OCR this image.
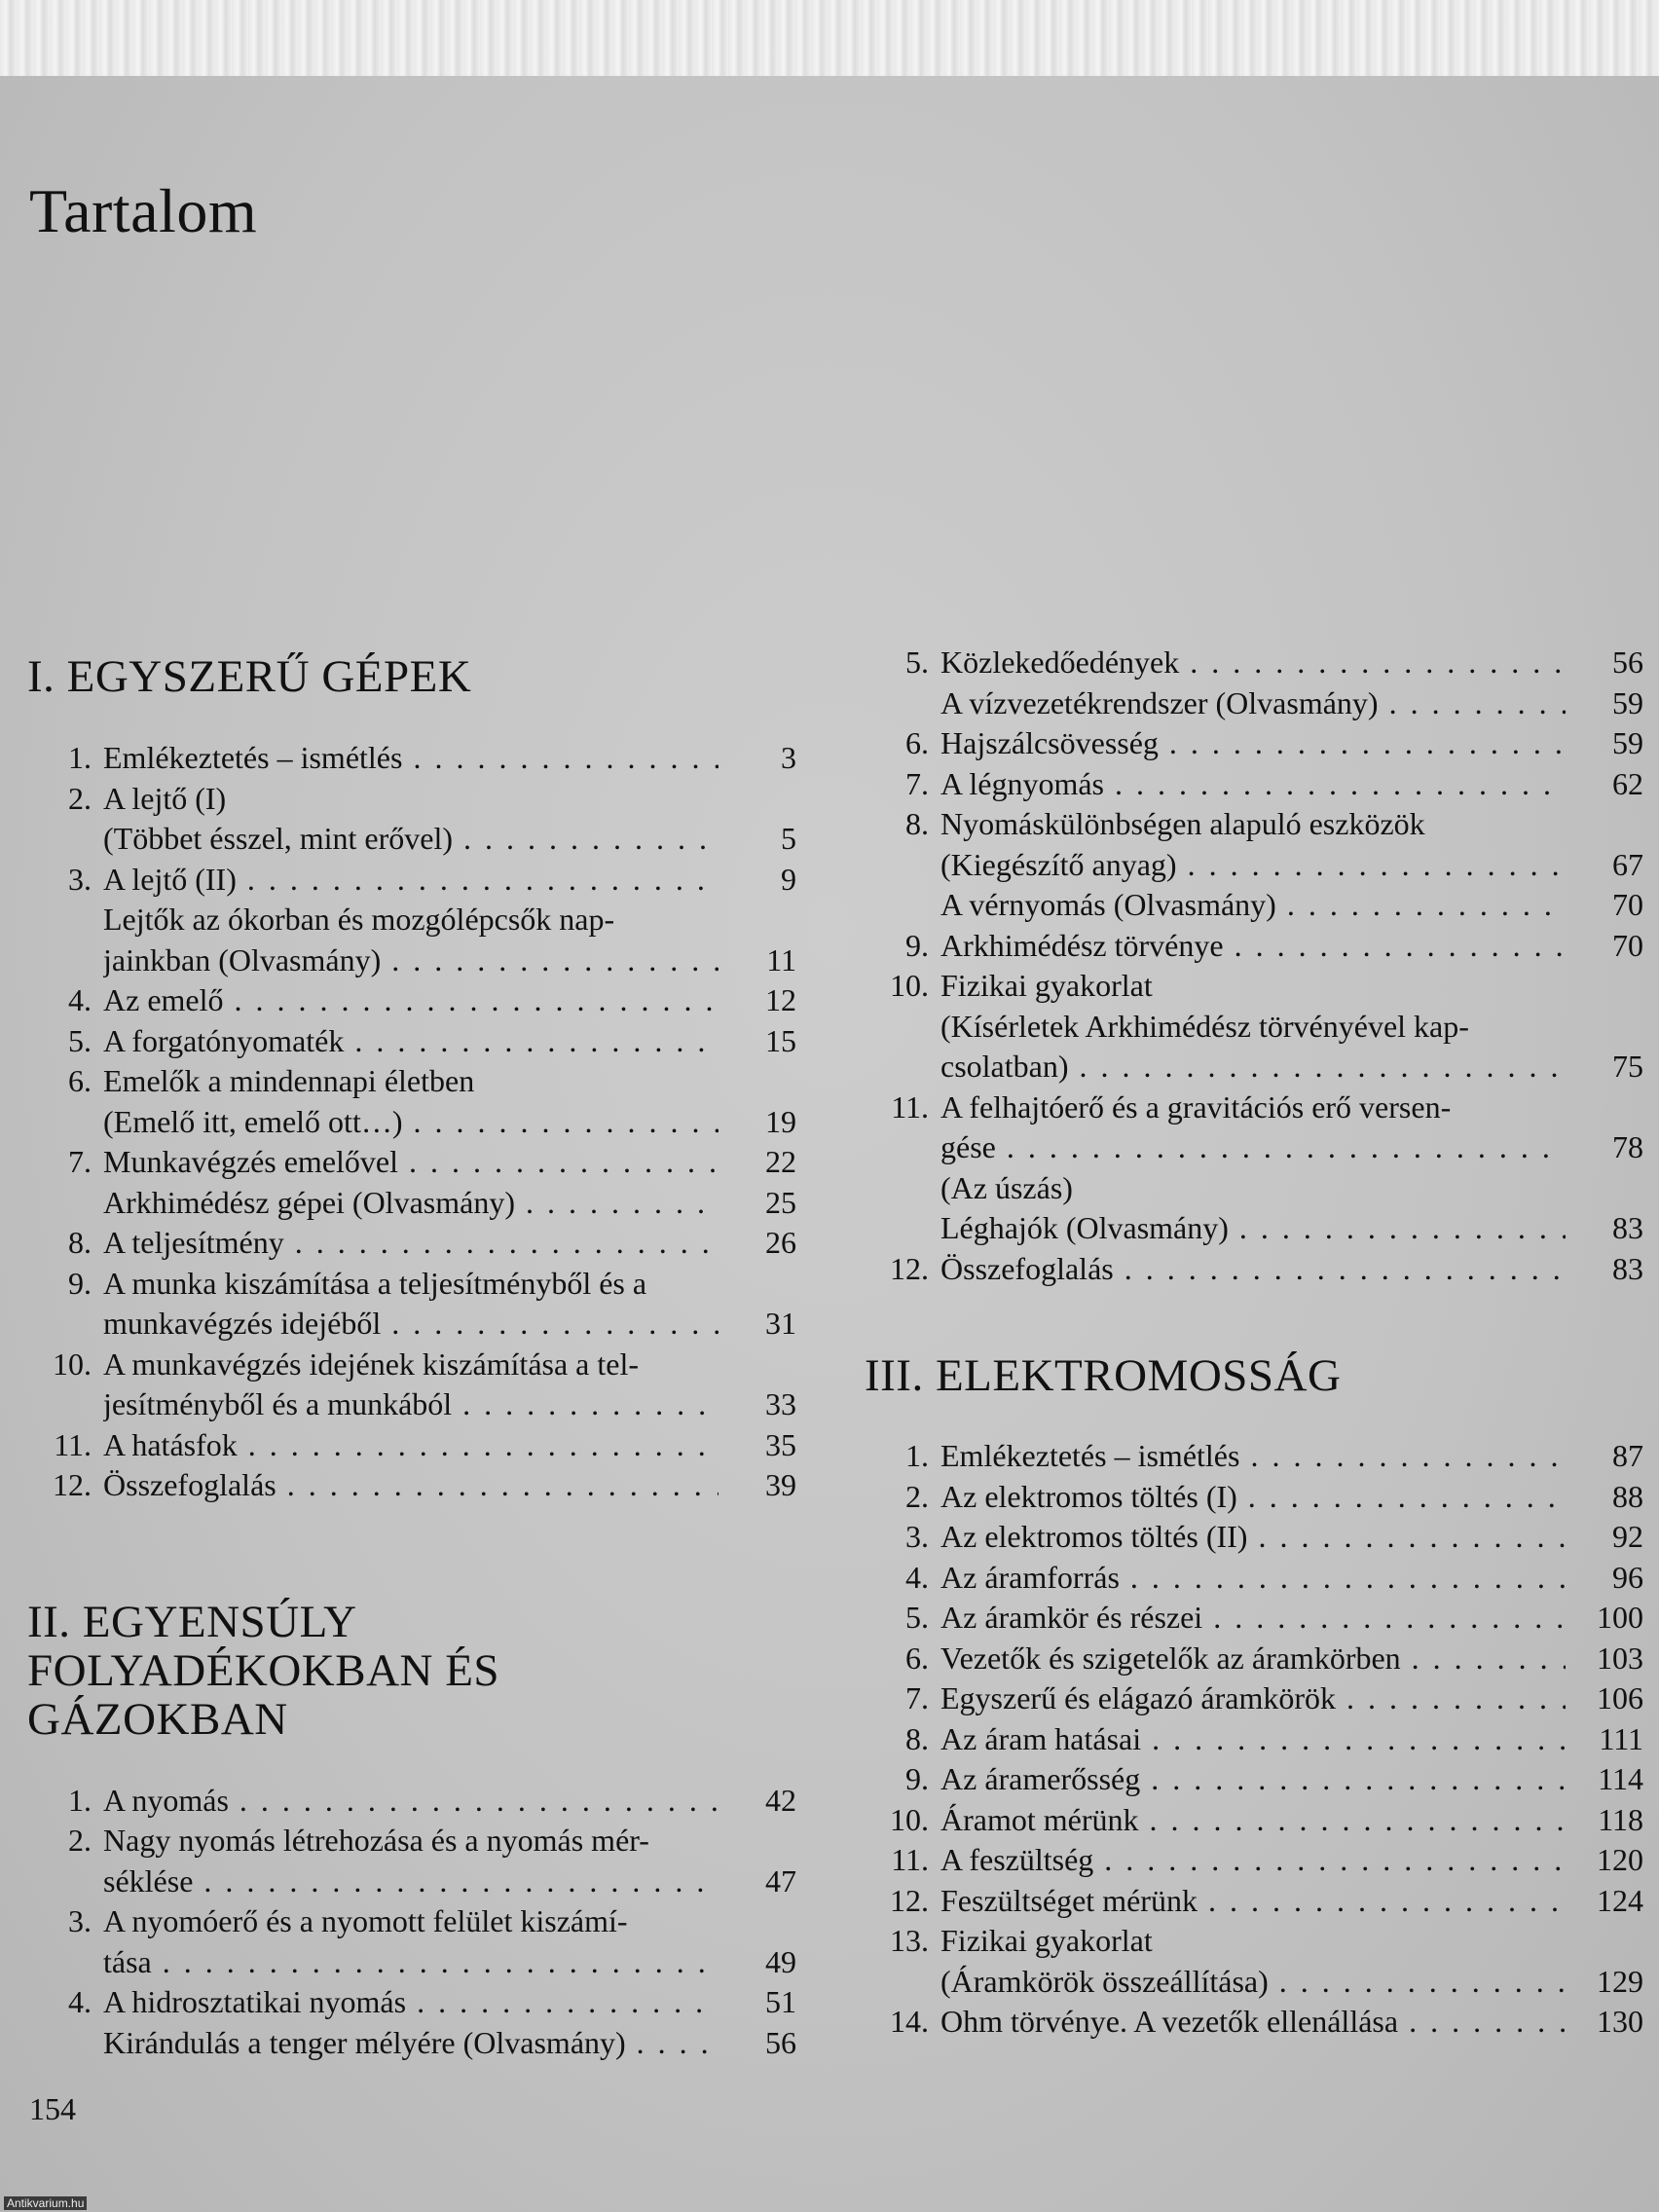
Tartalom
I. EGYSZERŰ GÉPEK
1. Emlékeztetés – ismétlés . . .	3
2. A lejtő (I)
(Többet ésszel, mint erővel) . . .	5
3. A lejtő (II) . . .	9
Lejtők az ókorban és mozgólépcsők nap-
jainkban (Olvasmány) . . .	11
4. Az emelő . . .	12
5. A forgatónyomaték . . .	15
6. Emelők a mindennapi életben
(Emelő itt, emelő ott…) . . .	19
7. Munkavégzés emelővel . . .	22
Arkhimédész gépei (Olvasmány) . . .	25
8. A teljesítmény . . .	26
9. A munka kiszámítása a teljesítményből és a
munkavégzés idejéből . . .	31
10. A munkavégzés idejének kiszámítása a tel-
jesítményből és a munkából . . .	33
11. A hatásfok . . .	35
12. Összefoglalás . . .	39
II. EGYENSÚLY
FOLYADÉKOKBAN ÉS
GÁZOKBAN
1. A nyomás . . .	42
2. Nagy nyomás létrehozása és a nyomás mér-
séklése . . .	47
3. A nyomóerő és a nyomott felület kiszámí-
tása . . .	49
4. A hidrosztatikai nyomás . . .	51
Kirándulás a tenger mélyére (Olvasmány) . . .	56
5. Közlekedőedények . . .	56
A vízvezetékrendszer (Olvasmány) . . .	59
6. Hajszálcsövesség . . .	59
7. A légnyomás . . .	62
8. Nyomáskülönbségen alapuló eszközök
(Kiegészítő anyag) . . .	67
A vérnyomás (Olvasmány) . . .	70
9. Arkhimédész törvénye . . .	70
10. Fizikai gyakorlat
(Kísérletek Arkhimédész törvényével kap-
csolatban) . . .	75
11. A felhajtóerő és a gravitációs erő versen-
gése . . .	78
(Az úszás)
Léghajók (Olvasmány) . . .	83
12. Összefoglalás . . .	83
III. ELEKTROMOSSÁG
1. Emlékeztetés – ismétlés . . .	87
2. Az elektromos töltés (I) . . .	88
3. Az elektromos töltés (II) . . .	92
4. Az áramforrás . . .	96
5. Az áramkör és részei . . .	100
6. Vezetők és szigetelők az áramkörben . . .	103
7. Egyszerű és elágazó áramkörök . . .	106
8. Az áram hatásai . . .	111
9. Az áramerősség . . .	114
10. Áramot mérünk . . .	118
11. A feszültség . . .	120
12. Feszültséget mérünk . . .	124
13. Fizikai gyakorlat
(Áramkörök összeállítása) . . .	129
14. Ohm törvénye. A vezetők ellenállása . . .	130

154

Antikvarium.hu
